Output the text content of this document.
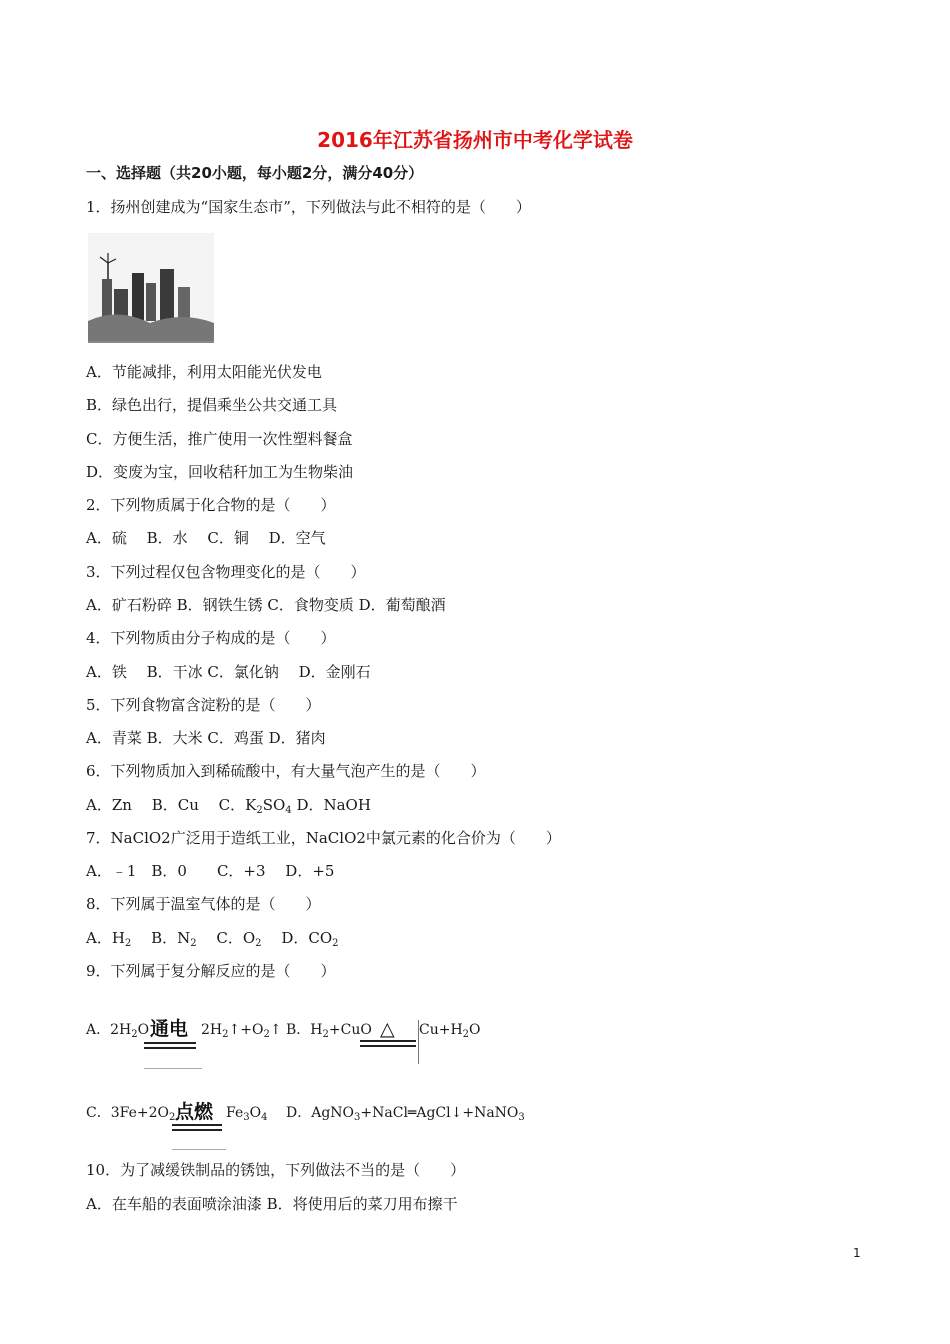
2016年江苏省扬州市中考化学试卷
一、选择题（共20小题，每小题2分，满分40分）
1．扬州创建成为“国家生态市”，下列做法与此不相符的是（　　）
A．节能减排，利用太阳能光伏发电
B．绿色出行，提倡乘坐公共交通工具
C．方便生活，推广使用一次性塑料餐盒
D．变废为宝，回收秸秆加工为生物柴油
2．下列物质属于化合物的是（　　）
A．硫　 B．水　 C．铜　 D．空气
3．下列过程仅包含物理变化的是（　　）
A．矿石粉碎 B．钢铁生锈 C．食物变质 D．葡萄酿酒
4．下列物质由分子构成的是（　　）
A．铁　 B．干冰 C．氯化钠　 D．金刚石
5．下列食物富含淀粉的是（　　）
A．青菜 B．大米 C．鸡蛋 D．猪肉
6．下列物质加入到稀硫酸中，有大量气泡产生的是（　　）
A．Zn　 B．Cu　 C．$K_2SO_4$ D．NaOH
7．NaClO2广泛用于造纸工业，NaClO2中氯元素的化合价为（　　）
A．﹣1　B．0　　C．+3　 D．+5
8．下列属于温室气体的是（　　）
A．$H_2$　 B．$N_2$　 C．$O_2$　 D．$CO_2$
9．下列属于复分解反应的是（　　）
A．$2H_2O$ 通电 $2H_2↑+O_2↑$ B．$H_2+CuO$ △ $Cu+H_2O$
C．$3Fe+2O_2$ 点燃 $Fe_3O_4$ D．AgNO$_3$+NaCl═AgCl↓+NaNO$_3$
10．为了减缓铁制品的锈蚀，下列做法不当的是（　　）
A．在车船的表面喷涂油漆 B．将使用后的菜刀用布擦干
1
